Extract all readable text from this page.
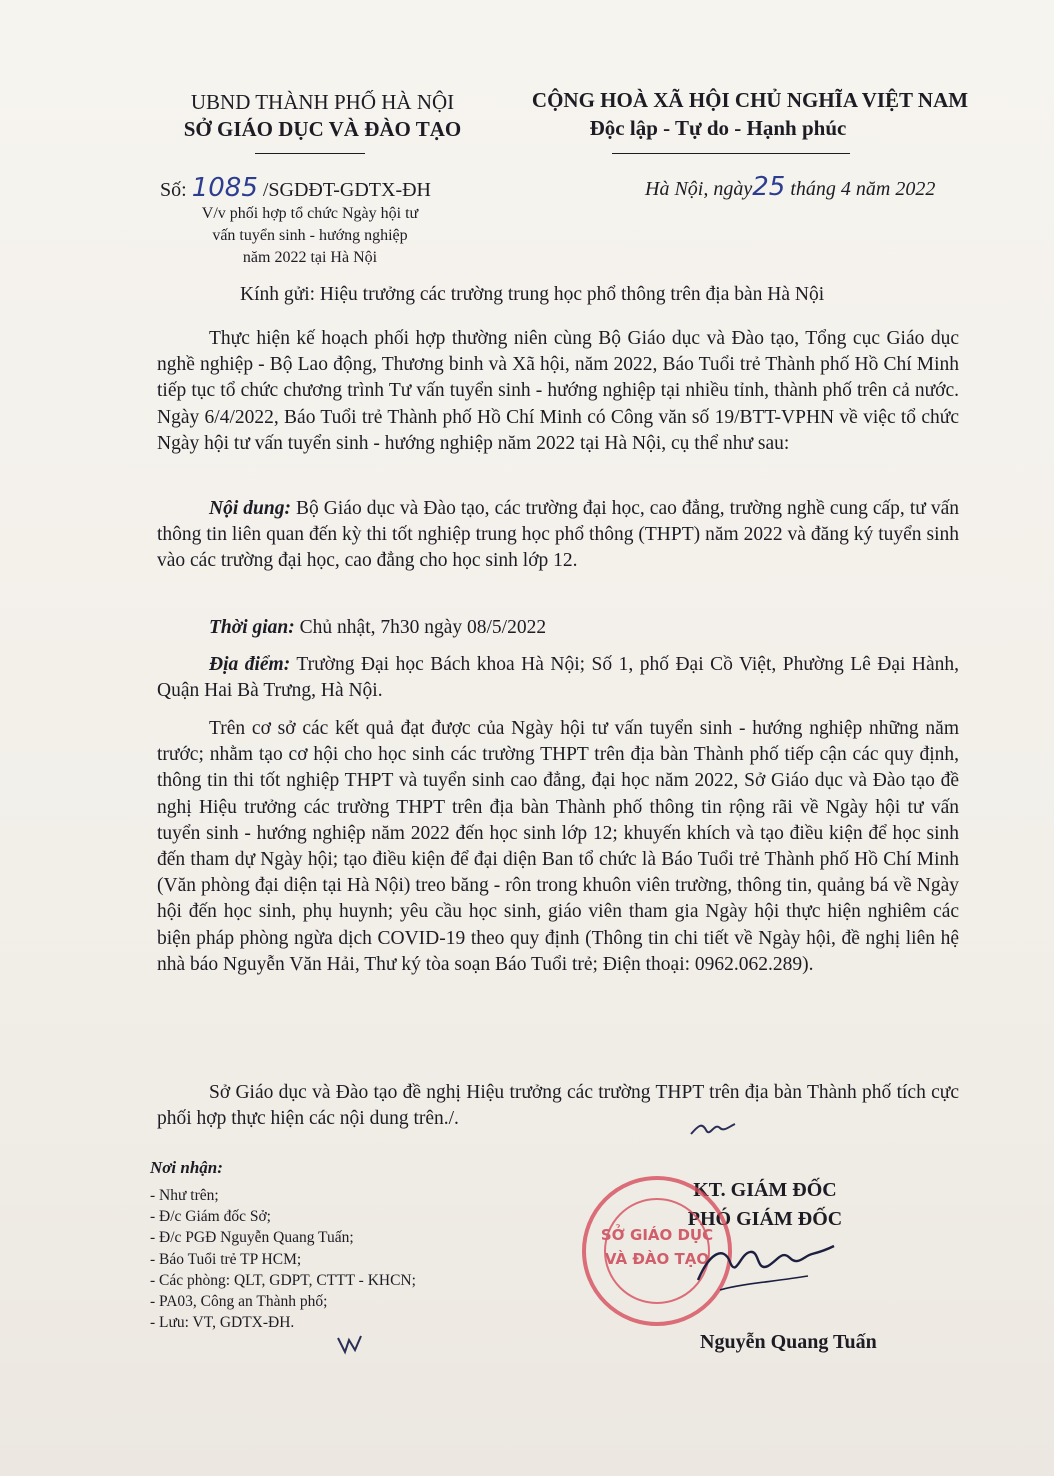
UBND THÀNH PHỐ HÀ NỘI
SỞ GIÁO DỤC VÀ ĐÀO TẠO
CỘNG HOÀ XÃ HỘI CHỦ NGHĨA VIỆT NAM
Độc lập - Tự do - Hạnh phúc
Số: 1085 /SGDĐT-GDTX-ĐH	Hà Nội, ngày25 tháng 4 năm 2022
V/v phối hợp tổ chức Ngày hội tư
vấn tuyển sinh - hướng nghiệp
năm 2022 tại Hà Nội
Kính gửi: Hiệu trưởng các trường trung học phổ thông trên địa bàn Hà Nội
Thực hiện kế hoạch phối hợp thường niên cùng Bộ Giáo dục và Đào tạo, Tổng cục Giáo dục nghề nghiệp - Bộ Lao động, Thương binh và Xã hội, năm 2022, Báo Tuổi trẻ Thành phố Hồ Chí Minh tiếp tục tổ chức chương trình Tư vấn tuyển sinh - hướng nghiệp tại nhiều tỉnh, thành phố trên cả nước. Ngày 6/4/2022, Báo Tuổi trẻ Thành phố Hồ Chí Minh có Công văn số 19/BTT-VPHN về việc tổ chức Ngày hội tư vấn tuyển sinh - hướng nghiệp năm 2022 tại Hà Nội, cụ thể như sau:
Nội dung: Bộ Giáo dục và Đào tạo, các trường đại học, cao đẳng, trường nghề cung cấp, tư vấn thông tin liên quan đến kỳ thi tốt nghiệp trung học phổ thông (THPT) năm 2022 và đăng ký tuyển sinh vào các trường đại học, cao đẳng cho học sinh lớp 12.
Thời gian: Chủ nhật, 7h30 ngày 08/5/2022
Địa điểm: Trường Đại học Bách khoa Hà Nội; Số 1, phố Đại Cồ Việt, Phường Lê Đại Hành, Quận Hai Bà Trưng, Hà Nội.
Trên cơ sở các kết quả đạt được của Ngày hội tư vấn tuyển sinh - hướng nghiệp những năm trước; nhằm tạo cơ hội cho học sinh các trường THPT trên địa bàn Thành phố tiếp cận các quy định, thông tin thi tốt nghiệp THPT và tuyển sinh cao đẳng, đại học năm 2022, Sở Giáo dục và Đào tạo đề nghị Hiệu trưởng các trường THPT trên địa bàn Thành phố thông tin rộng rãi về Ngày hội tư vấn tuyển sinh - hướng nghiệp năm 2022 đến học sinh lớp 12; khuyến khích và tạo điều kiện để học sinh đến tham dự Ngày hội; tạo điều kiện để đại diện Ban tổ chức là Báo Tuổi trẻ Thành phố Hồ Chí Minh (Văn phòng đại diện tại Hà Nội) treo băng - rôn trong khuôn viên trường, thông tin, quảng bá về Ngày hội đến học sinh, phụ huynh; yêu cầu học sinh, giáo viên tham gia Ngày hội thực hiện nghiêm các biện pháp phòng ngừa dịch COVID-19 theo quy định (Thông tin chi tiết về Ngày hội, đề nghị liên hệ nhà báo Nguyễn Văn Hải, Thư ký tòa soạn Báo Tuổi trẻ; Điện thoại: 0962.062.289).
Sở Giáo dục và Đào tạo đề nghị Hiệu trưởng các trường THPT trên địa bàn Thành phố tích cực phối hợp thực hiện các nội dung trên./.
Nơi nhận:
- Như trên;
- Đ/c Giám đốc Sở;
- Đ/c PGĐ Nguyễn Quang Tuấn;
- Báo Tuổi trẻ TP HCM;
- Các phòng: QLT, GDPT, CTTT - KHCN;
- PA03, Công an Thành phố;
- Lưu: VT, GDTX-ĐH.
KT. GIÁM ĐỐC
PHÓ GIÁM ĐỐC
SỞ GIÁO DỤC
VÀ ĐÀO TẠO
Nguyễn Quang Tuấn
